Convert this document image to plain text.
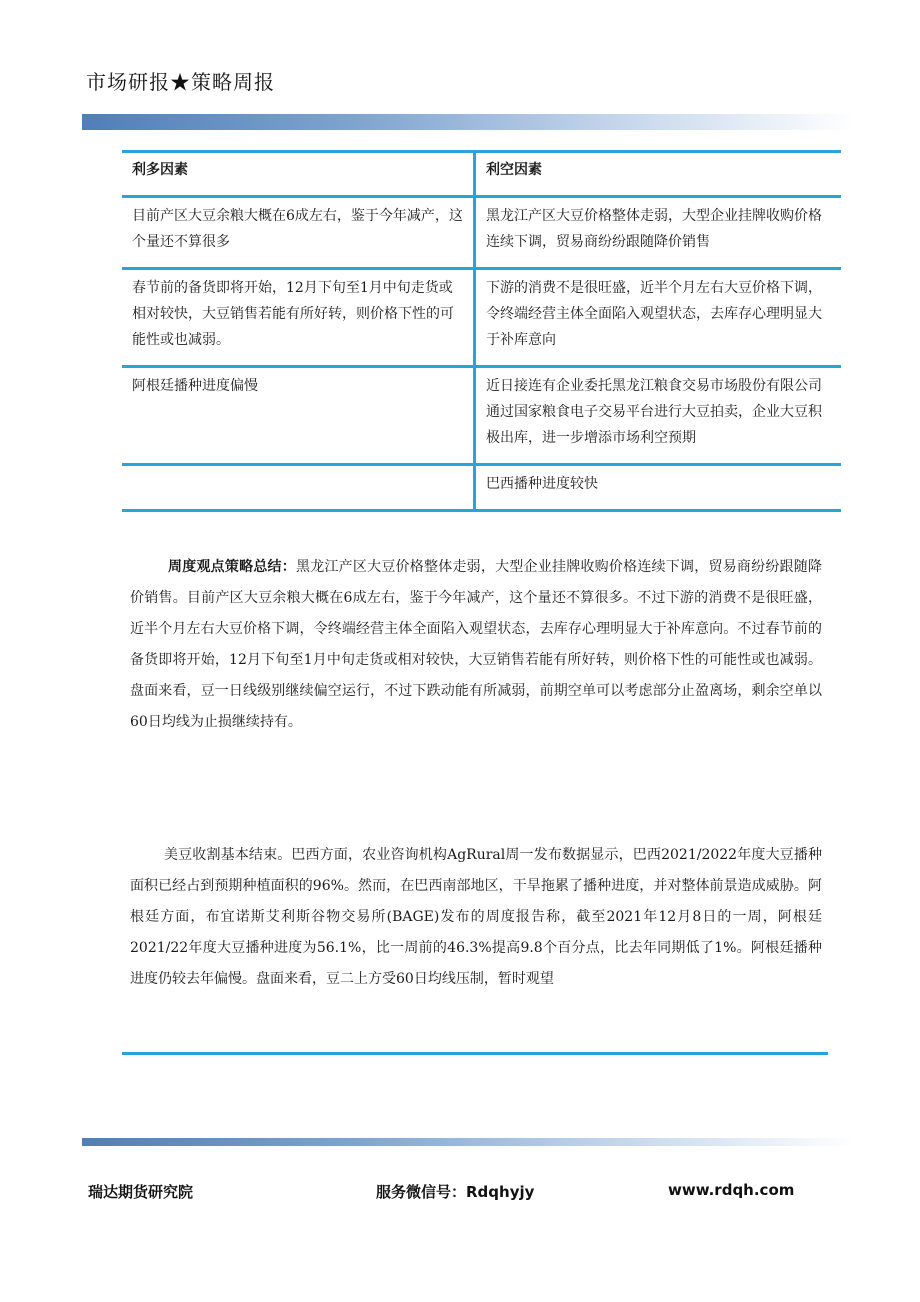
市场研报★策略周报
利多因素	利空因素
目前产区大豆余粮大概在6成左右，鉴于今年减产，这个量还不算很多	黑龙江产区大豆价格整体走弱，大型企业挂牌收购价格连续下调，贸易商纷纷跟随降价销售
春节前的备货即将开始，12月下旬至1月中旬走货或相对较快，大豆销售若能有所好转，则价格下性的可能性或也减弱。	下游的消费不是很旺盛，近半个月左右大豆价格下调，令终端经营主体全面陷入观望状态，去库存心理明显大于补库意向
阿根廷播种进度偏慢	近日接连有企业委托黑龙江粮食交易市场股份有限公司通过国家粮食电子交易平台进行大豆拍卖，企业大豆积极出库，进一步增添市场利空预期
	巴西播种进度较快

周度观点策略总结：黑龙江产区大豆价格整体走弱，大型企业挂牌收购价格连续下调，贸易商纷纷跟随降价销售。目前产区大豆余粮大概在6成左右，鉴于今年减产，这个量还不算很多。不过下游的消费不是很旺盛，近半个月左右大豆价格下调，令终端经营主体全面陷入观望状态，去库存心理明显大于补库意向。不过春节前的备货即将开始，12月下旬至1月中旬走货或相对较快，大豆销售若能有所好转，则价格下性的可能性或也减弱。盘面来看，豆一日线级别继续偏空运行，不过下跌动能有所减弱，前期空单可以考虑部分止盈离场，剩余空单以60日均线为止损继续持有。

美豆收割基本结束。巴西方面，农业咨询机构AgRural周一发布数据显示，巴西2021/2022年度大豆播种面积已经占到预期种植面积的96%。然而，在巴西南部地区，干旱拖累了播种进度，并对整体前景造成威胁。阿根廷方面，布宜诺斯艾利斯谷物交易所(BAGE)发布的周度报告称，截至2021年12月8日的一周，阿根廷2021/22年度大豆播种进度为56.1%，比一周前的46.3%提高9.8个百分点，比去年同期低了1%。阿根廷播种进度仍较去年偏慢。盘面来看，豆二上方受60日均线压制，暂时观望

瑞达期货研究院	服务微信号：Rdqhyjy	www.rdqh.com
